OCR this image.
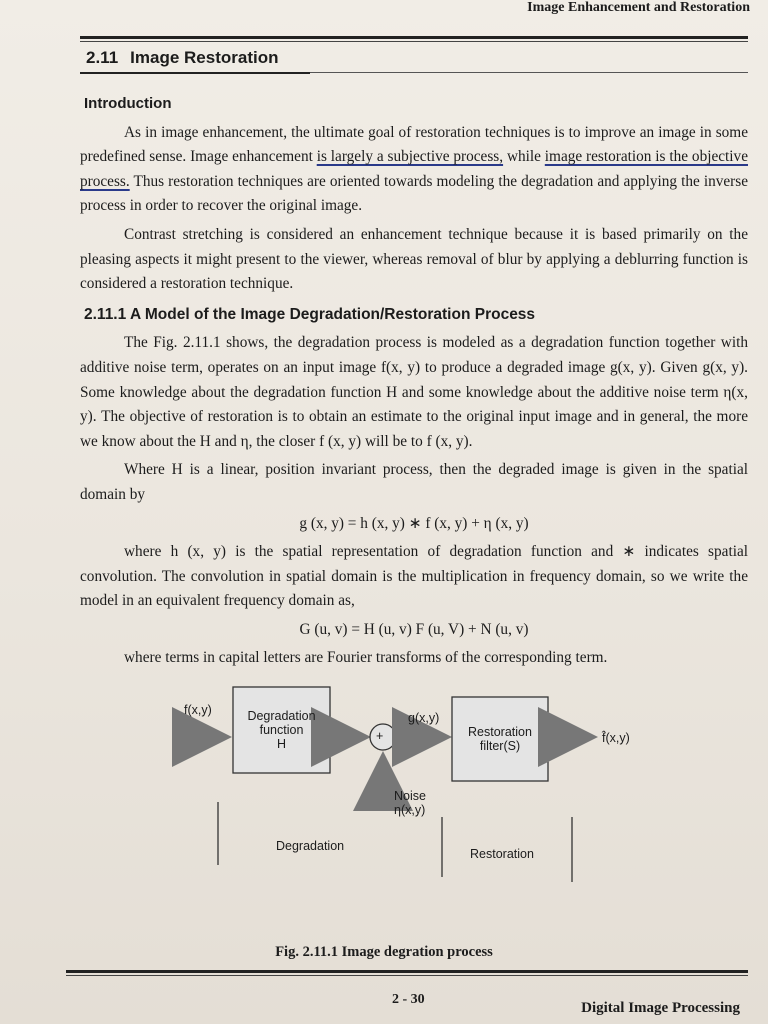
Image Enhancement and Restoration
2.11 Image Restoration
Introduction

As in image enhancement, the ultimate goal of restoration techniques is to improve an image in some predefined sense. Image enhancement is largely a subjective process, while image restoration is the objective process. Thus restoration techniques are oriented towards modeling the degradation and applying the inverse process in order to recover the original image.

Contrast stretching is considered an enhancement technique because it is based primarily on the pleasing aspects it might present to the viewer, whereas removal of blur by applying a deblurring function is considered a restoration technique.

2.11.1 A Model of the Image Degradation/Restoration Process

The Fig. 2.11.1 shows, the degradation process is modeled as a degradation function together with additive noise term, operates on an input image f(x, y) to produce a degraded image g(x, y). Given g(x, y). Some knowledge about the degradation function H and some knowledge about the additive noise term η(x, y). The objective of restoration is to obtain an estimate to the original input image and in general, the more we know about the H and η, the closer f (x, y) will be to f (x, y).

Where H is a linear, position invariant process, then the degraded image is given in the spatial domain by

g (x, y) = h (x, y) ∗ f (x, y) + η (x, y)

where h (x, y) is the spatial representation of degradation function and ∗ indicates spatial convolution. The convolution in spatial domain is the multiplication in frequency domain, so we write the model in an equivalent frequency domain as,

G (u, v) = H (u, v) F (u, V) + N (u, v)

where terms in capital letters are Fourier transforms of the corresponding term.

f(x,y)	Degradation
function
H
+
g(x,y)
Restoration
filter(S)
f̂(x,y)
Noise
η(x,y)
Degradation
Restoration
Fig. 2.11.1 Image degration process
2 - 30
Digital Image Processing
